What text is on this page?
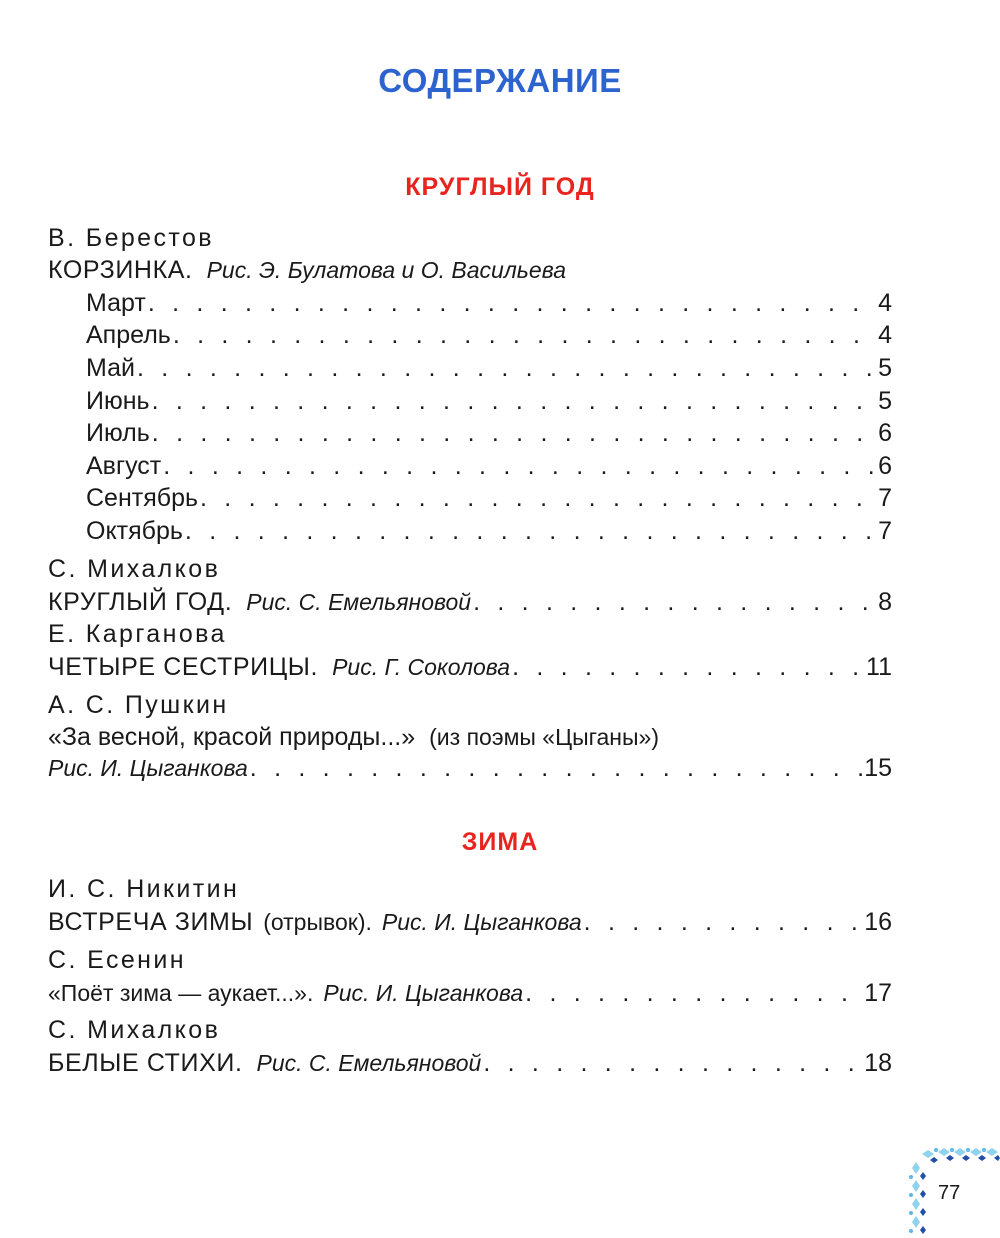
СОДЕРЖАНИЕ
КРУГЛЫЙ ГОД
В. Берестов
КОРЗИНКА. Рис. Э. Булатова и О. Васильева
Март . . .	4
Апрель . . .	4
Май . . .	5
Июнь . . .	5
Июль . . .	6
Август . . .	6
Сентябрь . . .	7
Октябрь . . .	7
С. Михалков
КРУГЛЫЙ ГОД. Рис. С. Емельяновой . . .	8
Е. Карганова
ЧЕТЫРЕ СЕСТРИЦЫ. Рис. Г. Соколова . . .	11
А. С. Пушкин
«За весной, красой природы...» (из поэмы «Цыганы»)
Рис. И. Цыганкова . . .	15
ЗИМА
И. С. Никитин
ВСТРЕЧА ЗИМЫ (отрывок). Рис. И. Цыганкова . . .	16
С. Есенин
«Поёт зима — аукает...». Рис. И. Цыганкова . . .	17
С. Михалков
БЕЛЫЕ СТИХИ. Рис. С. Емельяновой . . .	18
77
